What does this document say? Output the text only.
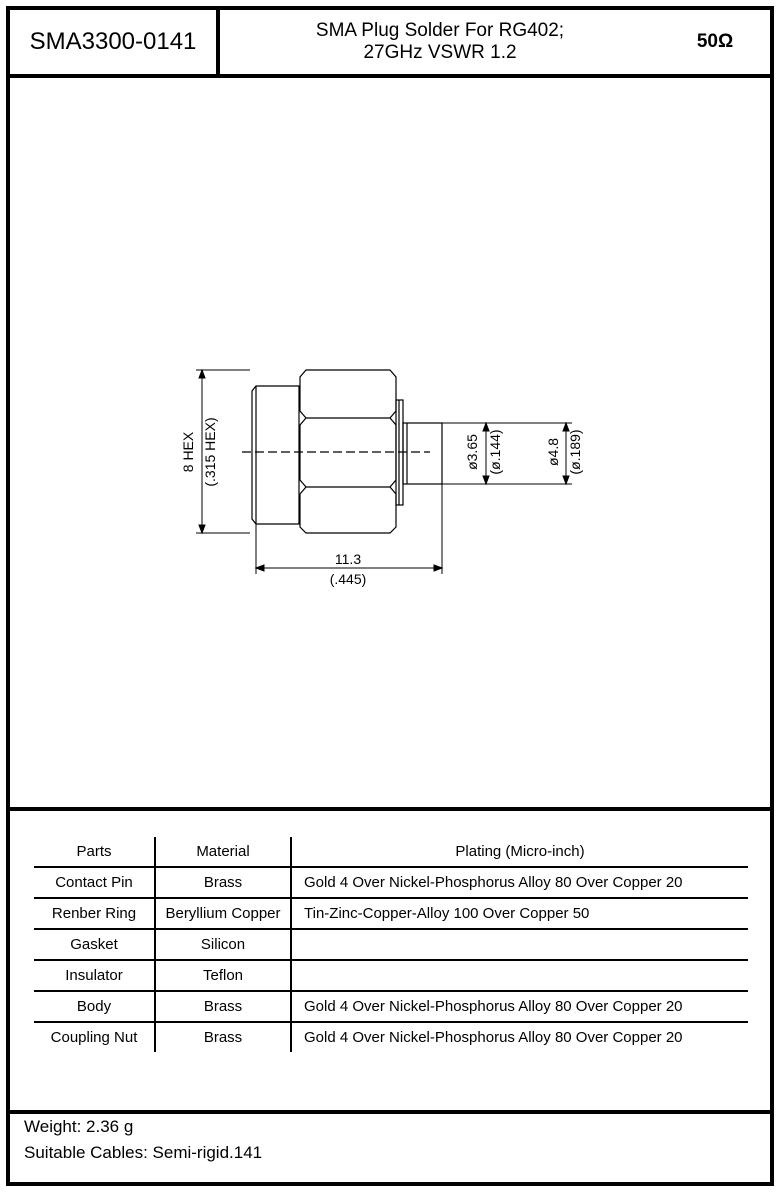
SMA3300-0141	SMA Plug Solder For RG402;
27GHz VSWR 1.2
50Ω
8 HEX (.315 HEX)	ø3.65 (ø.144)	ø4.8 (ø.189)
11.3
(.445)
Parts	Material	Plating (Micro-inch)
Contact Pin	Brass	Gold 4 Over Nickel-Phosphorus Alloy 80 Over Copper 20
Renber Ring	Beryllium Copper	Tin-Zinc-Copper-Alloy 100 Over Copper 50
Gasket	Silicon	
Insulator	Teflon	
Body	Brass	Gold 4 Over Nickel-Phosphorus Alloy 80 Over Copper 20
Coupling Nut	Brass	Gold 4 Over Nickel-Phosphorus Alloy 80 Over Copper 20
Weight: 2.36 g
Suitable Cables: Semi-rigid.141
